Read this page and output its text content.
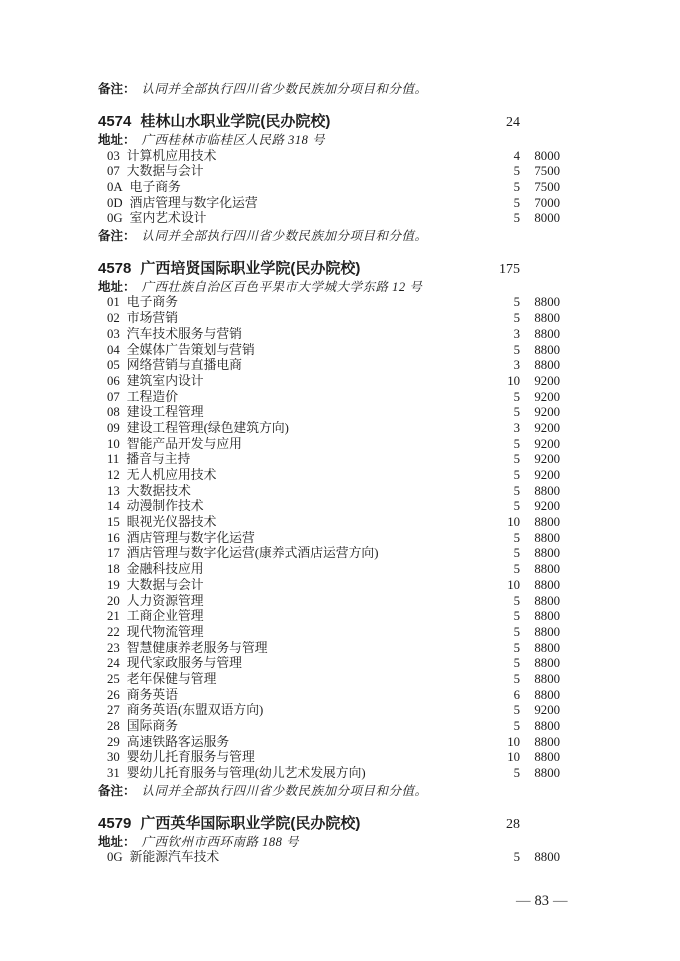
备注： 认同并全部执行四川省少数民族加分项目和分值。
4574 桂林山水职业学院(民办院校)	24
地址： 广西桂林市临桂区人民路 318 号
03 计算机应用技术	4	8000
07 大数据与会计	5	7500
0A 电子商务	5	7500
0D 酒店管理与数字化运营	5	7000
0G 室内艺术设计	5	8000
备注： 认同并全部执行四川省少数民族加分项目和分值。
4578 广西培贤国际职业学院(民办院校)	175
地址： 广西壮族自治区百色平果市大学城大学东路 12 号
01 电子商务	5	8800
02 市场营销	5	8800
03 汽车技术服务与营销	3	8800
04 全媒体广告策划与营销	5	8800
05 网络营销与直播电商	3	8800
06 建筑室内设计	10	9200
07 工程造价	5	9200
08 建设工程管理	5	9200
09 建设工程管理(绿色建筑方向)	3	9200
10 智能产品开发与应用	5	9200
11 播音与主持	5	9200
12 无人机应用技术	5	9200
13 大数据技术	5	8800
14 动漫制作技术	5	9200
15 眼视光仪器技术	10	8800
16 酒店管理与数字化运营	5	8800
17 酒店管理与数字化运营(康养式酒店运营方向)	5	8800
18 金融科技应用	5	8800
19 大数据与会计	10	8800
20 人力资源管理	5	8800
21 工商企业管理	5	8800
22 现代物流管理	5	8800
23 智慧健康养老服务与管理	5	8800
24 现代家政服务与管理	5	8800
25 老年保健与管理	5	8800
26 商务英语	6	8800
27 商务英语(东盟双语方向)	5	9200
28 国际商务	5	8800
29 高速铁路客运服务	10	8800
30 婴幼儿托育服务与管理	10	8800
31 婴幼儿托育服务与管理(幼儿艺术发展方向)	5	8800
备注： 认同并全部执行四川省少数民族加分项目和分值。
4579 广西英华国际职业学院(民办院校)	28
地址： 广西钦州市西环南路 188 号
0G 新能源汽车技术	5	8800
— 83 —
